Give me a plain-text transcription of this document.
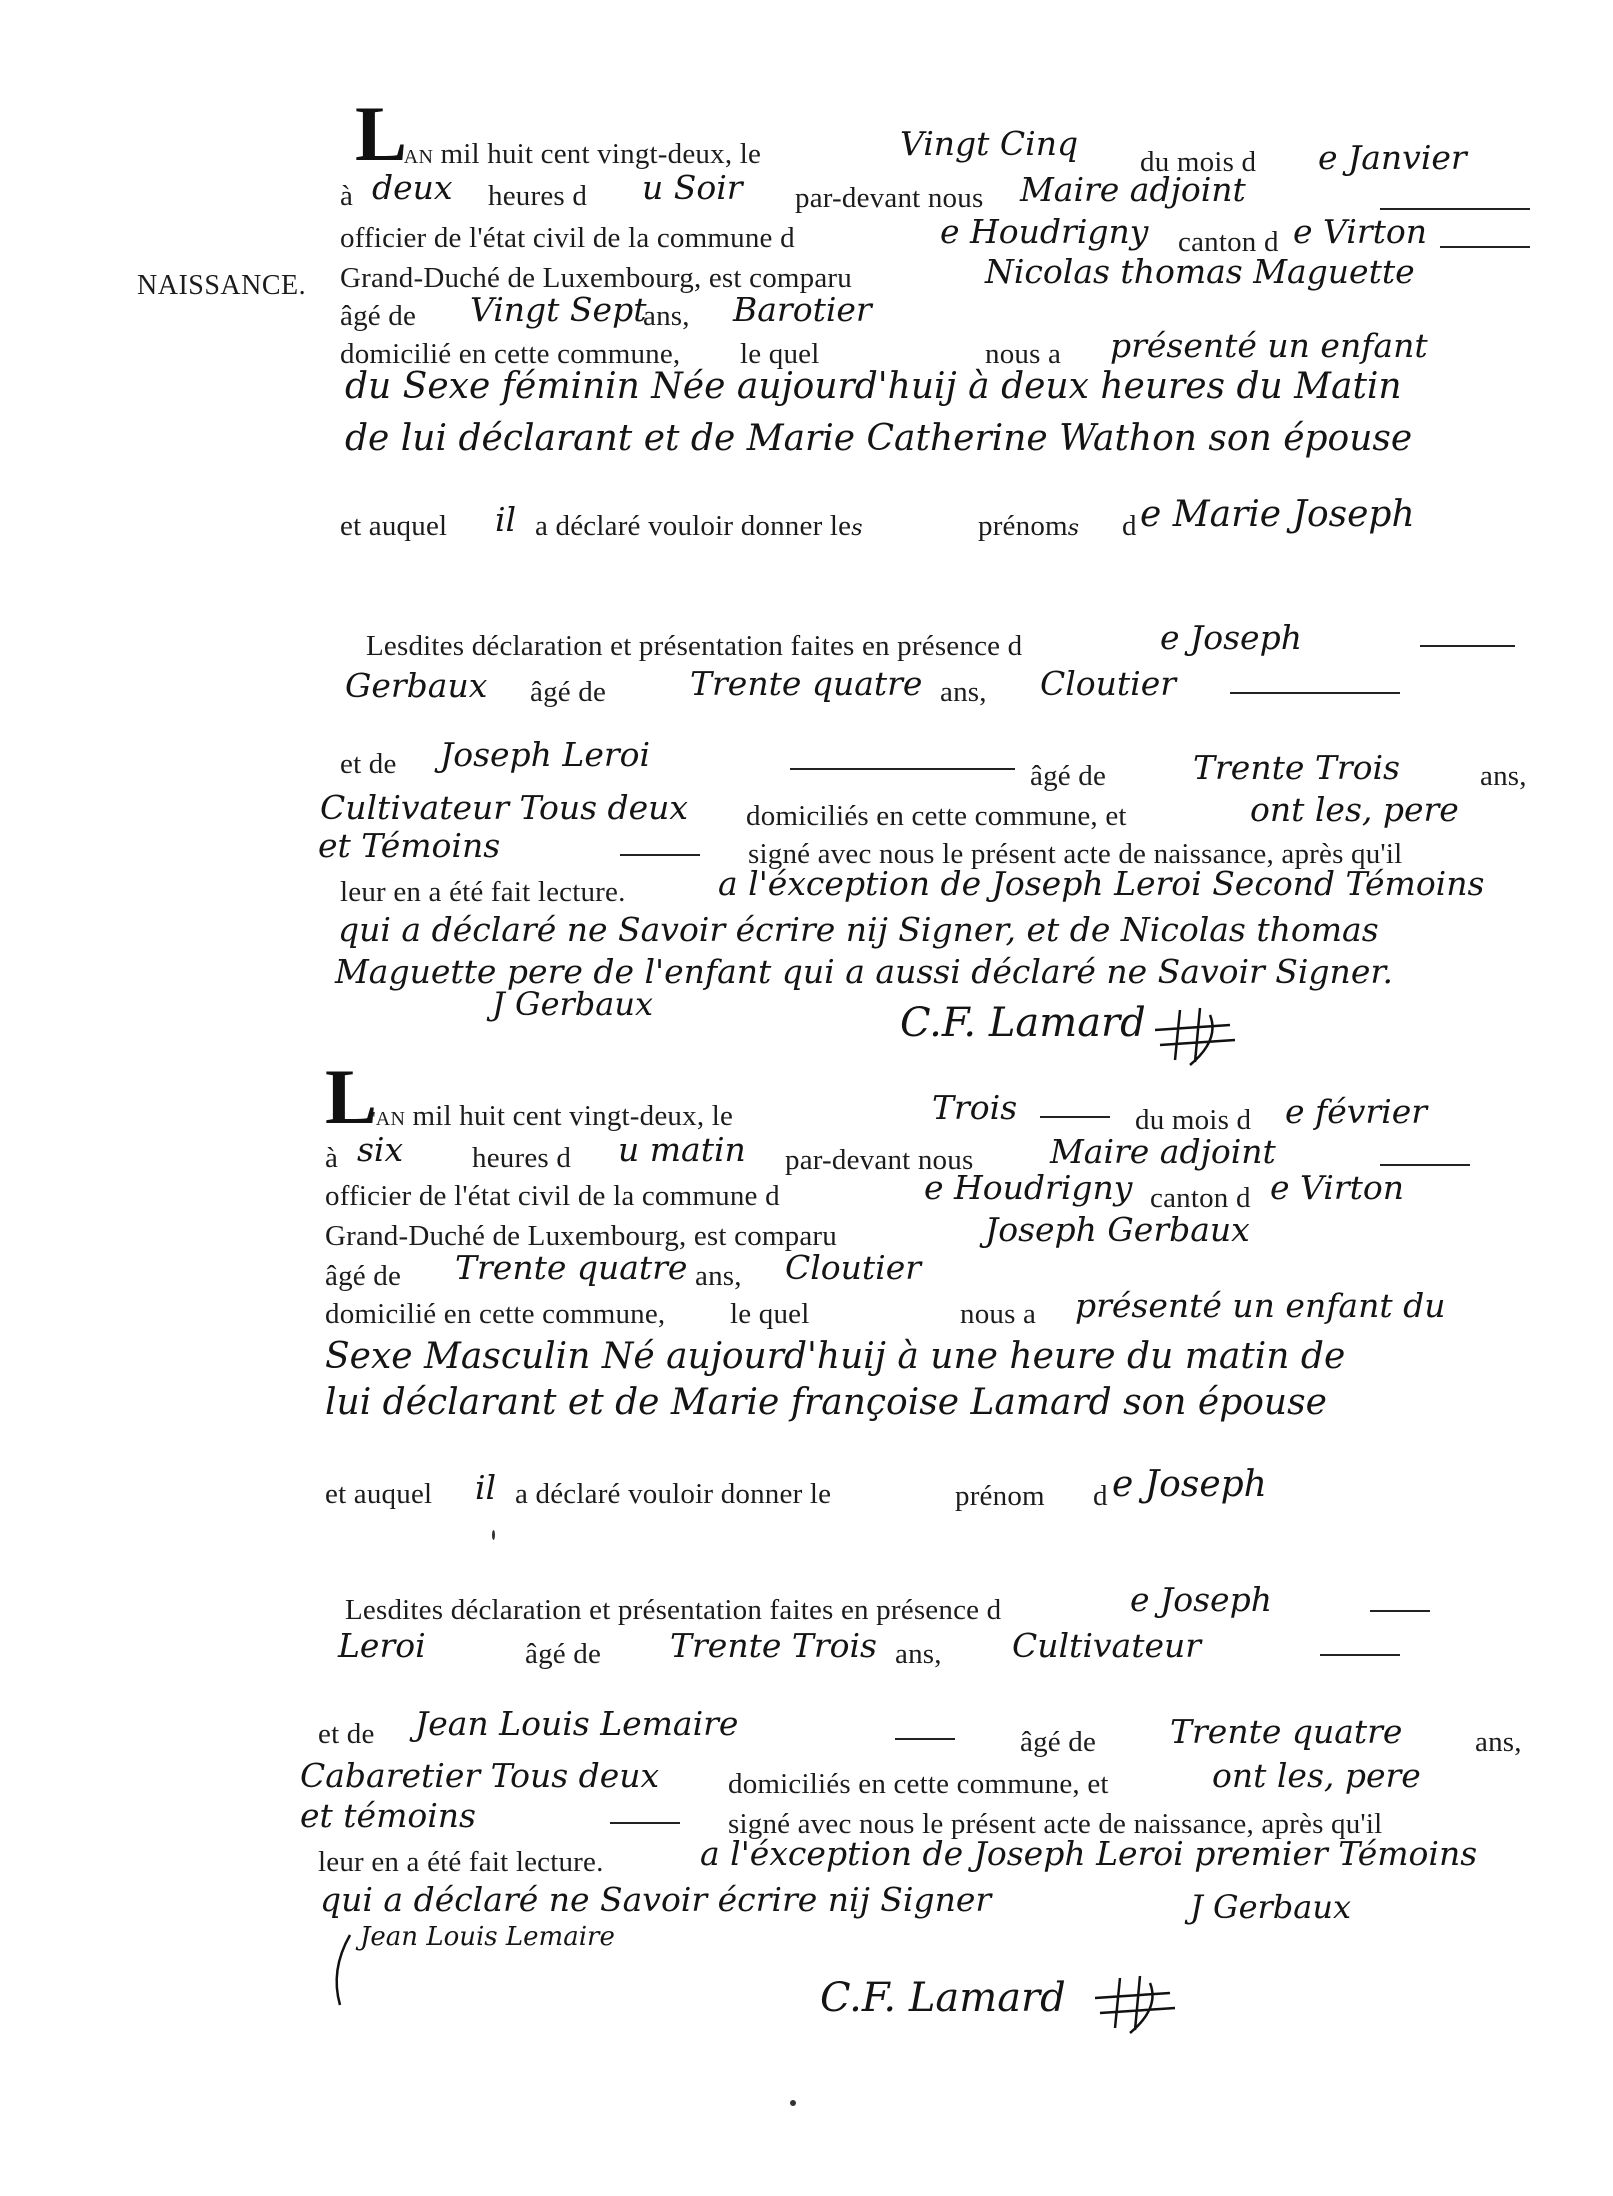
NAISSANCE.
L
'AN mil huit cent vingt-deux, le	Vingt Cinq du mois d e Janvier
à deux heures d u Soir par-devant nous Maire adjoint
officier de l'état civil de la commune d	e Houdrigny canton d e Virton
Grand-Duché de Luxembourg, est comparu	Nicolas thomas Maguette
âgé de Vingt Sept
ans, Barotier
domicilié en cette commune, le quel	nous a présenté un enfant
du Sexe féminin Née aujourd'huij à deux heures du Matin
de lui déclarant et de Marie Catherine Wathon son épouse
et auquel il a déclaré vouloir donner les	prénoms d e Marie Joseph
Lesdites déclaration et présentation faites en présence d	e Joseph
Gerbaux âgé de	Trente quatre ans, Cloutier
et de Joseph Leroi
âgé de	Trente Trois	ans,
Cultivateur Tous deux domiciliés en cette commune, et	ont les, pere
et Témoins	signé avec nous le présent acte de naissance, après qu'il
leur en a été fait lecture.	a l'éxception de Joseph Leroi Second Témoins
qui a déclaré ne Savoir écrire nij Signer, et de Nicolas thomas
Maguette pere de l'enfant qui a aussi déclaré ne Savoir Signer.
J Gerbaux	C.F. Lamard
L
'AN mil huit cent vingt-deux, le	Trois	du mois d e février
à six heures d u matin par-devant nous Maire adjoint
officier de l'état civil de la commune d	e Houdrigny canton d e Virton
Grand-Duché de Luxembourg, est comparu	Joseph Gerbaux
âgé de Trente quatre ans, Cloutier
domicilié en cette commune, le quel	nous a présenté un enfant du
Sexe Masculin Né aujourd'huij à une heure du matin de
lui déclarant et de Marie françoise Lamard son épouse
et auquel il a déclaré vouloir donner le	prénom d e Joseph
Lesdites déclaration et présentation faites en présence d	e Joseph
Leroi	âgé de Trente Trois ans, Cultivateur
et de Jean Louis Lemaire	âgé de Trente quatre	ans,
Cabaretier Tous deux domiciliés en cette commune, et	ont les, pere
et témoins	signé avec nous le présent acte de naissance, après qu'il
leur en a été fait lecture.	a l'éxception de Joseph Leroi premier Témoins
qui a déclaré ne Savoir écrire nij Signer	J Gerbaux
Jean Louis Lemaire
C.F. Lamard
